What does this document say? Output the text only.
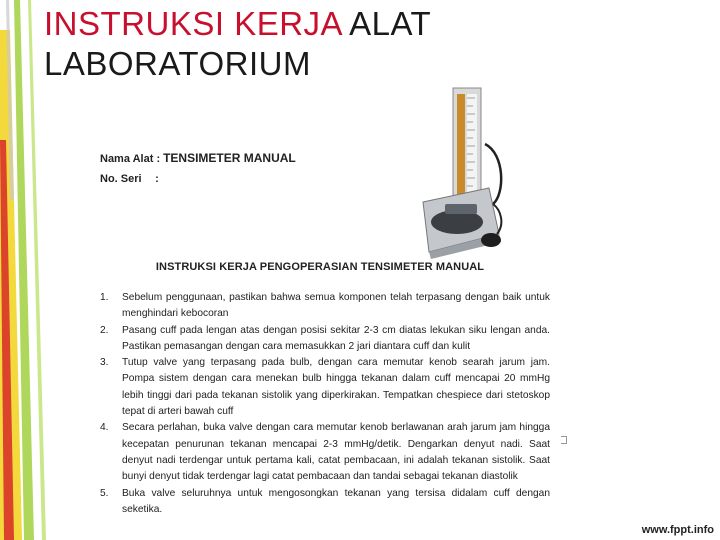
INSTRUKSI KERJA ALAT LABORATORIUM
Nama Alat : TENSIMETER MANUAL
No. Seri :
INSTRUKSI KERJA PENGOPERASIAN TENSIMETER MANUAL
1. Sebelum penggunaan, pastikan bahwa semua komponen telah terpasang dengan baik untuk menghindari kebocoran
2. Pasang cuff pada lengan atas dengan posisi sekitar 2-3 cm diatas lekukan siku lengan anda. Pastikan pemasangan dengan cara memasukkan 2 jari diantara cuff dan kulit
3. Tutup valve yang terpasang pada bulb, dengan cara memutar kenob searah jarum jam. Pompa sistem dengan cara menekan bulb hingga tekanan dalam cuff mencapai 20 mmHg lebih tinggi dari pada tekanan sistolik yang diperkirakan. Tempatkan chespiece dari stetoskop tepat di arteri bawah cuff
4. Secara perlahan, buka valve dengan cara memutar kenob berlawanan arah jarum jam hingga kecepatan penurunan tekanan mencapai 2-3 mmHg/detik. Dengarkan denyut nadi. Saat denyut nadi terdengar untuk pertama kali, catat pembacaan, ini adalah tekanan sistolik. Saat bunyi denyut tidak terdengar lagi catat pembacaan dan tandai sebagai tekanan diastolik
5. Buka valve seluruhnya untuk mengosongkan tekanan yang tersisa didalam cuff dengan seketika.
www.fppt.info
